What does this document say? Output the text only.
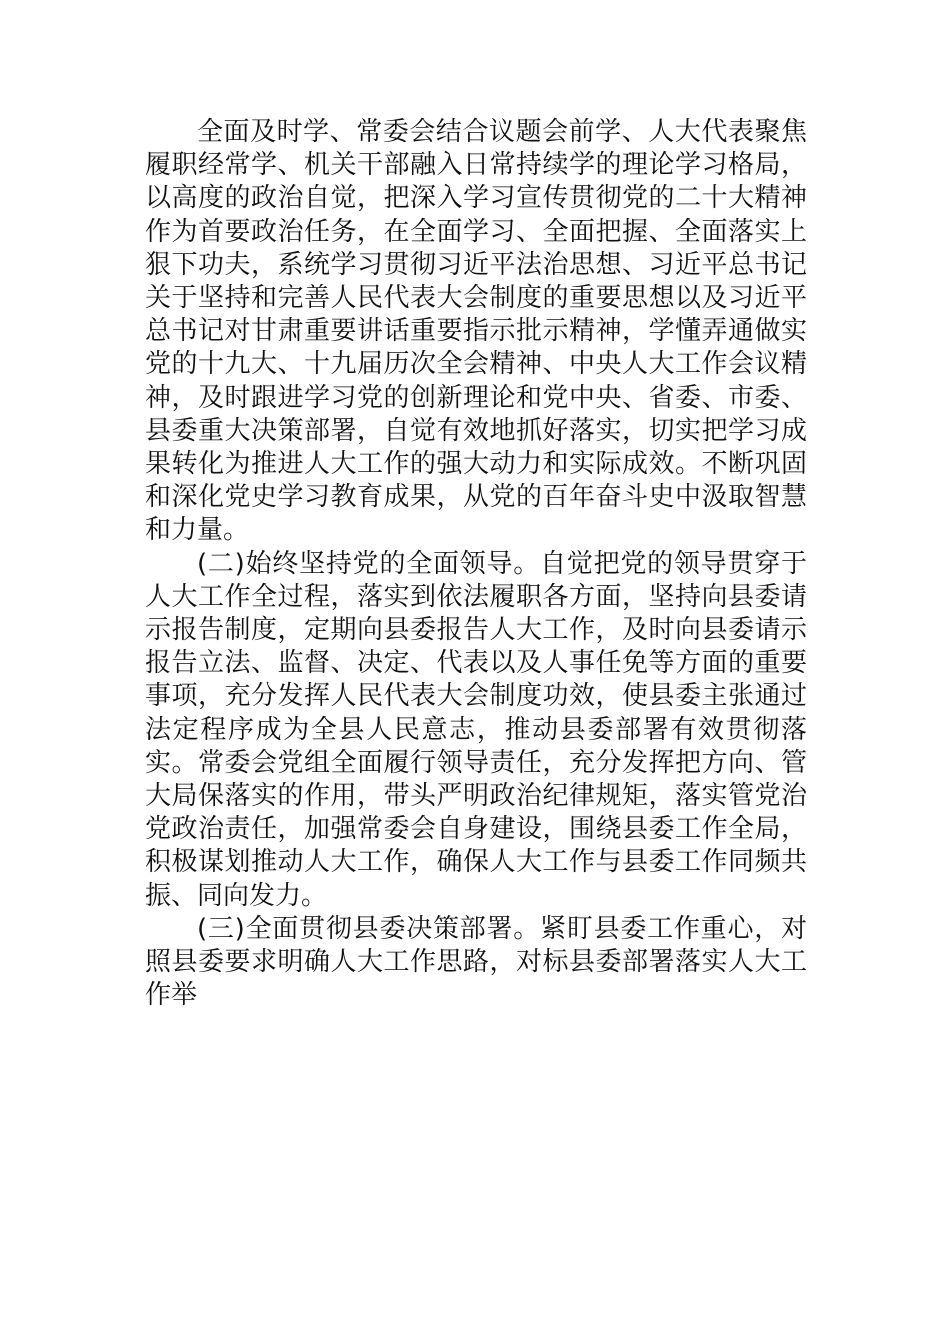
全面及时学、常委会结合议题会前学、人大代表聚焦履职经常学、机关干部融入日常持续学的理论学习格局，以高度的政治自觉，把深入学习宣传贯彻党的二十大精神作为首要政治任务，在全面学习、全面把握、全面落实上狠下功夫，系统学习贯彻习近平法治思想、习近平总书记关于坚持和完善人民代表大会制度的重要思想以及习近平总书记对甘肃重要讲话重要指示批示精神，学懂弄通做实党的十九大、十九届历次全会精神、中央人大工作会议精神，及时跟进学习党的创新理论和党中央、省委、市委、县委重大决策部署，自觉有效地抓好落实，切实把学习成果转化为推进人大工作的强大动力和实际成效。不断巩固和深化党史学习教育成果，从党的百年奋斗史中汲取智慧和力量。

(二)始终坚持党的全面领导。自觉把党的领导贯穿于人大工作全过程，落实到依法履职各方面，坚持向县委请示报告制度，定期向县委报告人大工作，及时向县委请示报告立法、监督、决定、代表以及人事任免等方面的重要事项，充分发挥人民代表大会制度功效，使县委主张通过法定程序成为全县人民意志，推动县委部署有效贯彻落实。常委会党组全面履行领导责任，充分发挥把方向、管大局保落实的作用，带头严明政治纪律规矩，落实管党治党政治责任，加强常委会自身建设，围绕县委工作全局，积极谋划推动人大工作，确保人大工作与县委工作同频共振、同向发力。

(三)全面贯彻县委决策部署。紧盯县委工作重心，对照县委要求明确人大工作思路，对标县委部署落实人大工作举
